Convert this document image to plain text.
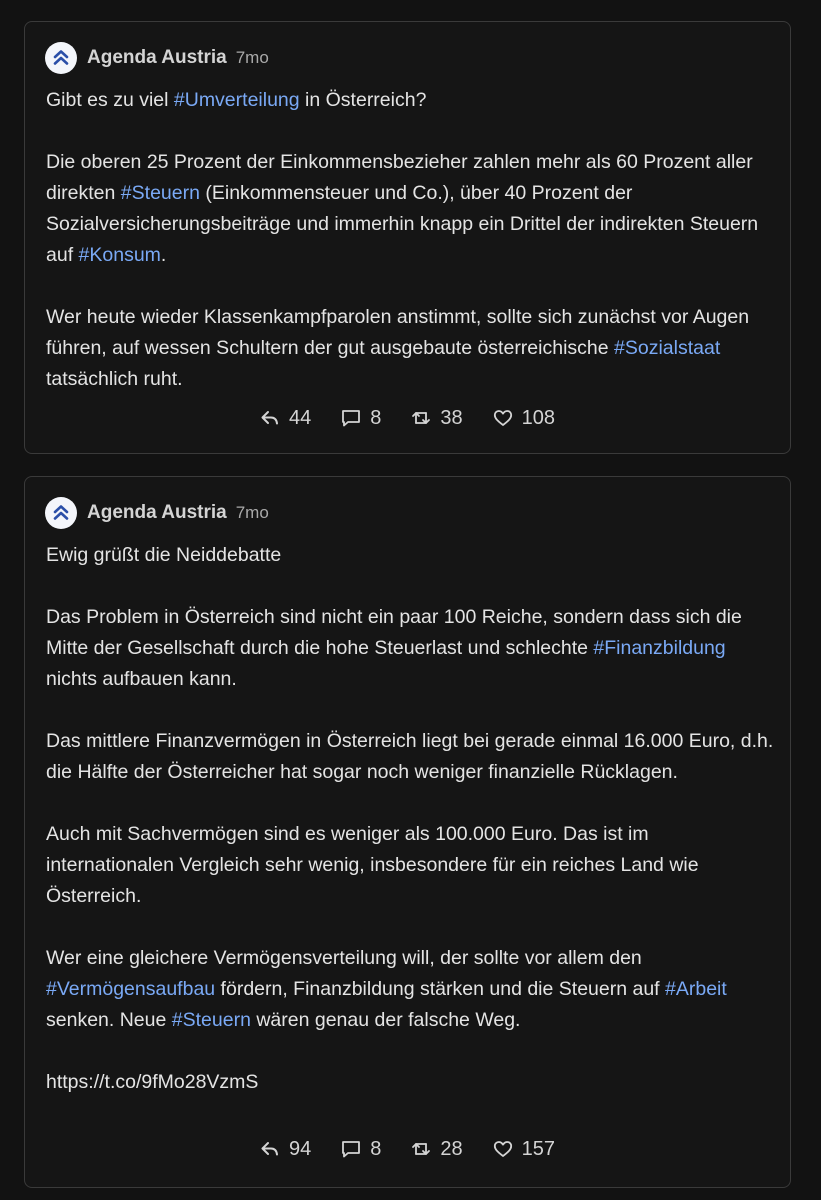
Agenda Austria 7mo

Gibt es zu viel #Umverteilung in Österreich?

Die oberen 25 Prozent der Einkommensbezieher zahlen mehr als 60 Prozent aller direkten #Steuern (Einkommensteuer und Co.), über 40 Prozent der Sozialversicherungsbeiträge und immerhin knapp ein Drittel der indirekten Steuern auf #Konsum.

Wer heute wieder Klassenkampfparolen anstimmt, sollte sich zunächst vor Augen führen, auf wessen Schultern der gut ausgebaute österreichische #Sozialstaat tatsächlich ruht.

44	8	38	108
Agenda Austria 7mo

Ewig grüßt die Neiddebatte

Das Problem in Österreich sind nicht ein paar 100 Reiche, sondern dass sich die Mitte der Gesellschaft durch die hohe Steuerlast und schlechte #Finanzbildung nichts aufbauen kann.

Das mittlere Finanzvermögen in Österreich liegt bei gerade einmal 16.000 Euro, d.h. die Hälfte der Österreicher hat sogar noch weniger finanzielle Rücklagen.

Auch mit Sachvermögen sind es weniger als 100.000 Euro. Das ist im internationalen Vergleich sehr wenig, insbesondere für ein reiches Land wie Österreich.

Wer eine gleichere Vermögensverteilung will, der sollte vor allem den #Vermögensaufbau fördern, Finanzbildung stärken und die Steuern auf #Arbeit senken. Neue #Steuern wären genau der falsche Weg.

https://t.co/9fMo28VzmS

94	8	28	157
